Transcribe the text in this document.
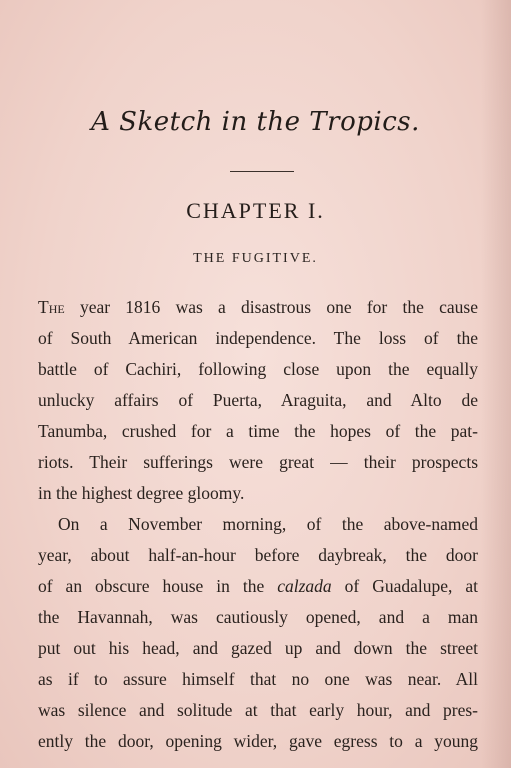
A Sketch in the Tropics.
CHAPTER I.
THE FUGITIVE.
The year 1816 was a disastrous one for the cause
of South American independence. The loss of the
battle of Cachiri, following close upon the equally
unlucky affairs of Puerta, Araguita, and Alto de
Tanumba, crushed for a time the hopes of the pat-
riots. Their sufferings were great — their prospects
in the highest degree gloomy.
On a November morning, of the above-named
year, about half-an-hour before daybreak, the door
of an obscure house in the calzada of Guadalupe, at
the Havannah, was cautiously opened, and a man
put out his head, and gazed up and down the street
as if to assure himself that no one was near. All
was silence and solitude at that early hour, and pres-
ently the door, opening wider, gave egress to a young
